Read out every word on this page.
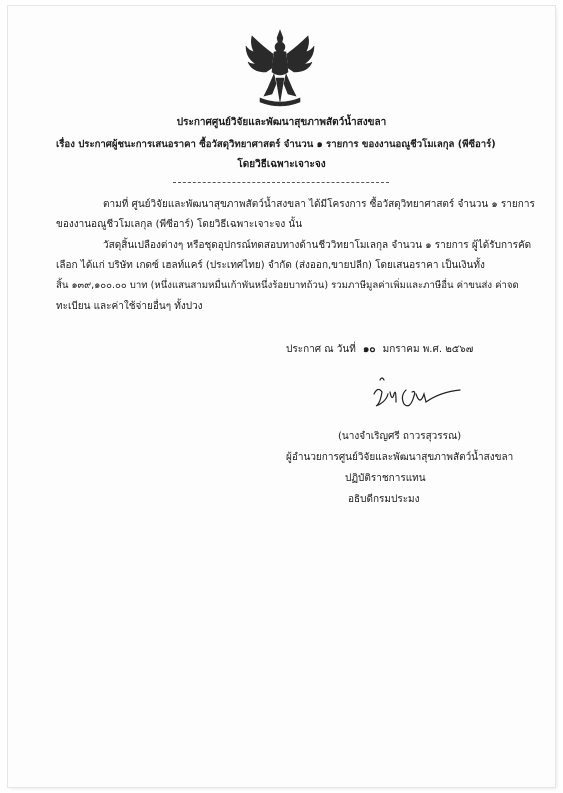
ประกาศศูนย์วิจัยและพัฒนาสุขภาพสัตว์น้ำสงขลา
เรื่อง ประกาศผู้ชนะการเสนอราคา ซื้อวัสดุวิทยาศาสตร์ จำนวน ๑ รายการ ของงานอณูชีวโมเลกุล (พีซีอาร์)
โดยวิธีเฉพาะเจาะจง
ตามที่ ศูนย์วิจัยและพัฒนาสุขภาพสัตว์น้ำสงขลา ได้มีโครงการ ซื้อวัสดุวิทยาศาสตร์ จำนวน ๑ รายการ
ของงานอณูชีวโมเลกุล (พีซีอาร์) โดยวิธีเฉพาะเจาะจง นั้น
วัสดุสิ้นเปลืองต่างๆ หรือชุดอุปกรณ์ทดสอบทางด้านชีววิทยาโมเลกุล จำนวน ๑ รายการ ผู้ได้รับการคัด
เลือก ได้แก่ บริษัท เกดซ์ เฮลท์แคร์ (ประเทศไทย) จำกัด (ส่งออก,ขายปลีก) โดยเสนอราคา เป็นเงินทั้ง
สิ้น ๑๓๙,๑๐๐.๐๐ บาท (หนึ่งแสนสามหมื่นเก้าพันหนึ่งร้อยบาทถ้วน) รวมภาษีมูลค่าเพิ่มและภาษีอื่น ค่าขนส่ง ค่าจด
ทะเบียน และค่าใช้จ่ายอื่นๆ ทั้งปวง
ประกาศ ณ วันที่ ๑๐ มกราคม พ.ศ. ๒๕๖๗
(นางจำเริญศรี ถาวรสุวรรณ)
ผู้อำนวยการศูนย์วิจัยและพัฒนาสุขภาพสัตว์น้ำสงขลา
ปฏิบัติราชการแทน
อธิบดีกรมประมง
